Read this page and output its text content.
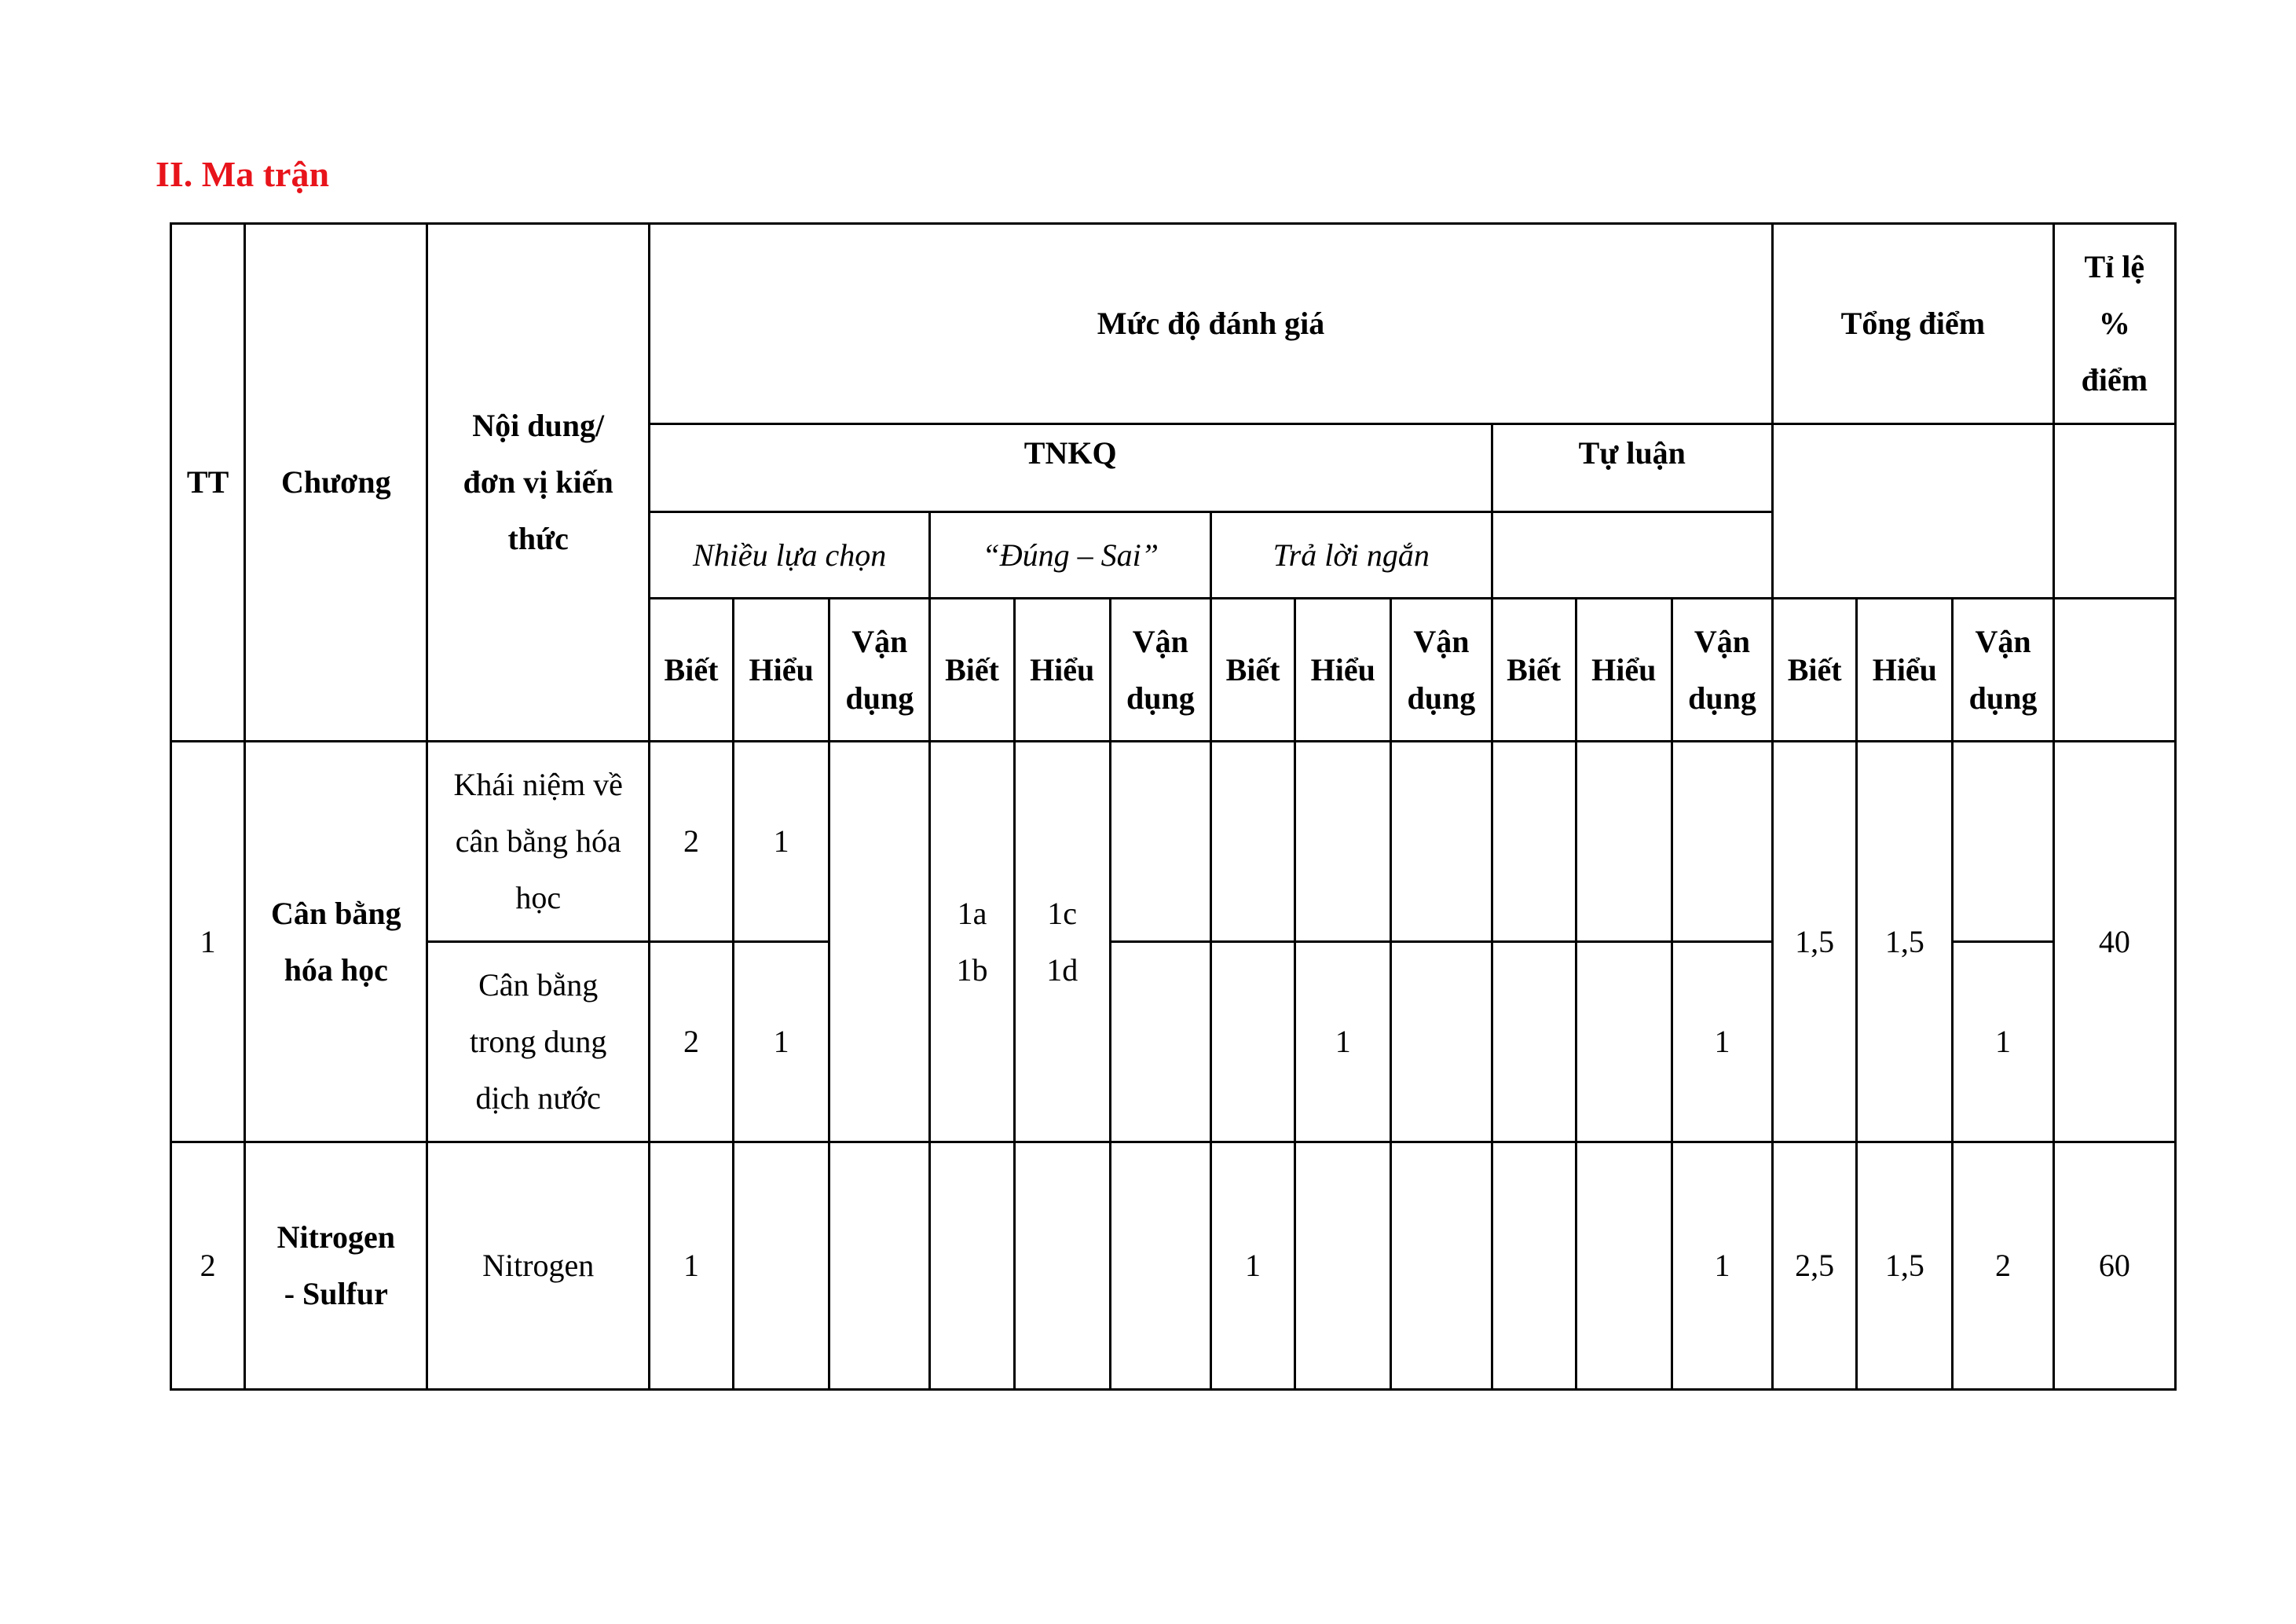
II. Ma trận
TT	Chương	Nội dung/đơn vị kiến thức	Mức độ đánh giá												Tổng điểm			Tỉ lệ % điểm
			TNKQ									Tự luận						
			Nhiều lựa chọn			“Đúng – Sai”			Trả lời ngắn									
			Biết	Hiểu	Vận dụng	Biết	Hiểu	Vận dụng	Biết	Hiểu	Vận dụng	Biết	Hiểu	Vận dụng	Biết	Hiểu	Vận dụng	
1	Cân bằng hóa học	Khái niệm về cân bằng hóa học	2	1		1a 1b	1c 1d								1,5	1,5		40
		Cân bằng trong dung dịch nước	2	1						1				1			1	
2	Nitrogen - Sulfur	Nitrogen	1						1					1	2,5	1,5	2	60
